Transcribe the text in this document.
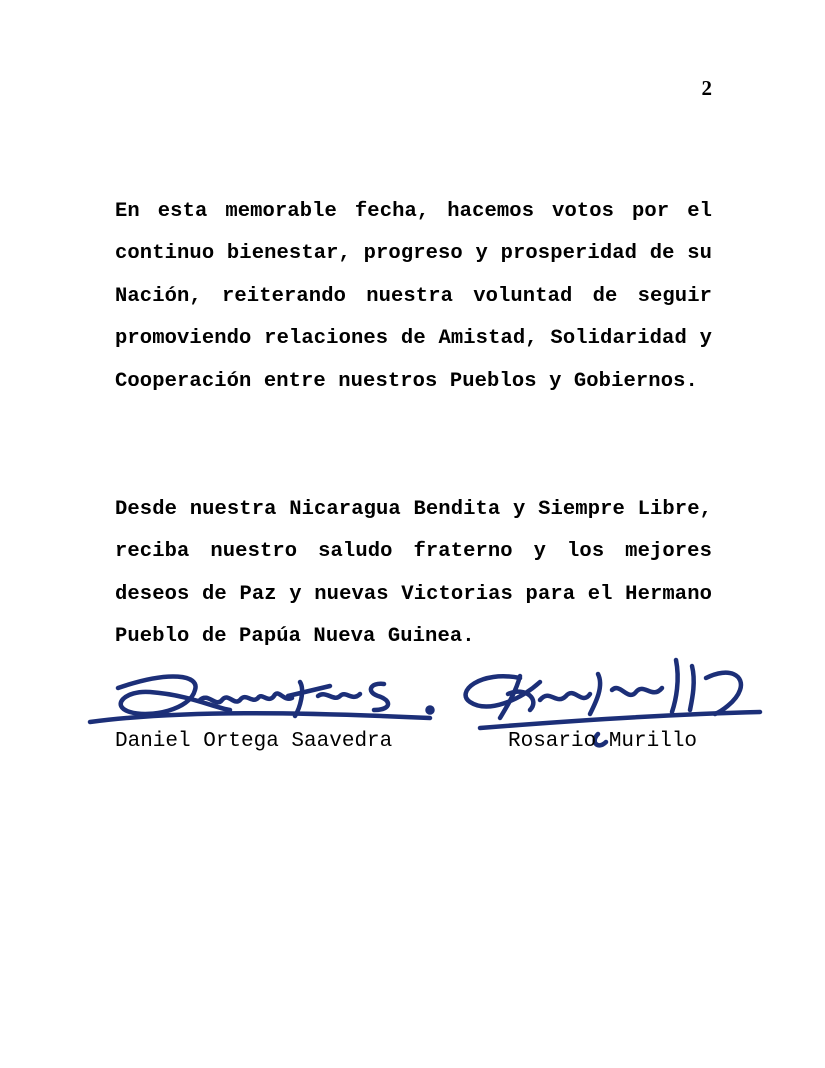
2

En esta memorable fecha, hacemos votos por el continuo bienestar, progreso y prosperidad de su Nación, reiterando nuestra voluntad de seguir promoviendo relaciones de Amistad, Solidaridad y Cooperación entre nuestros Pueblos y Gobiernos.

Desde nuestra Nicaragua Bendita y Siempre Libre, reciba nuestro saludo fraterno y los mejores deseos de Paz y nuevas Victorias para el Hermano Pueblo de Papúa Nueva Guinea.

Daniel Ortega Saavedra	Rosario Murillo
